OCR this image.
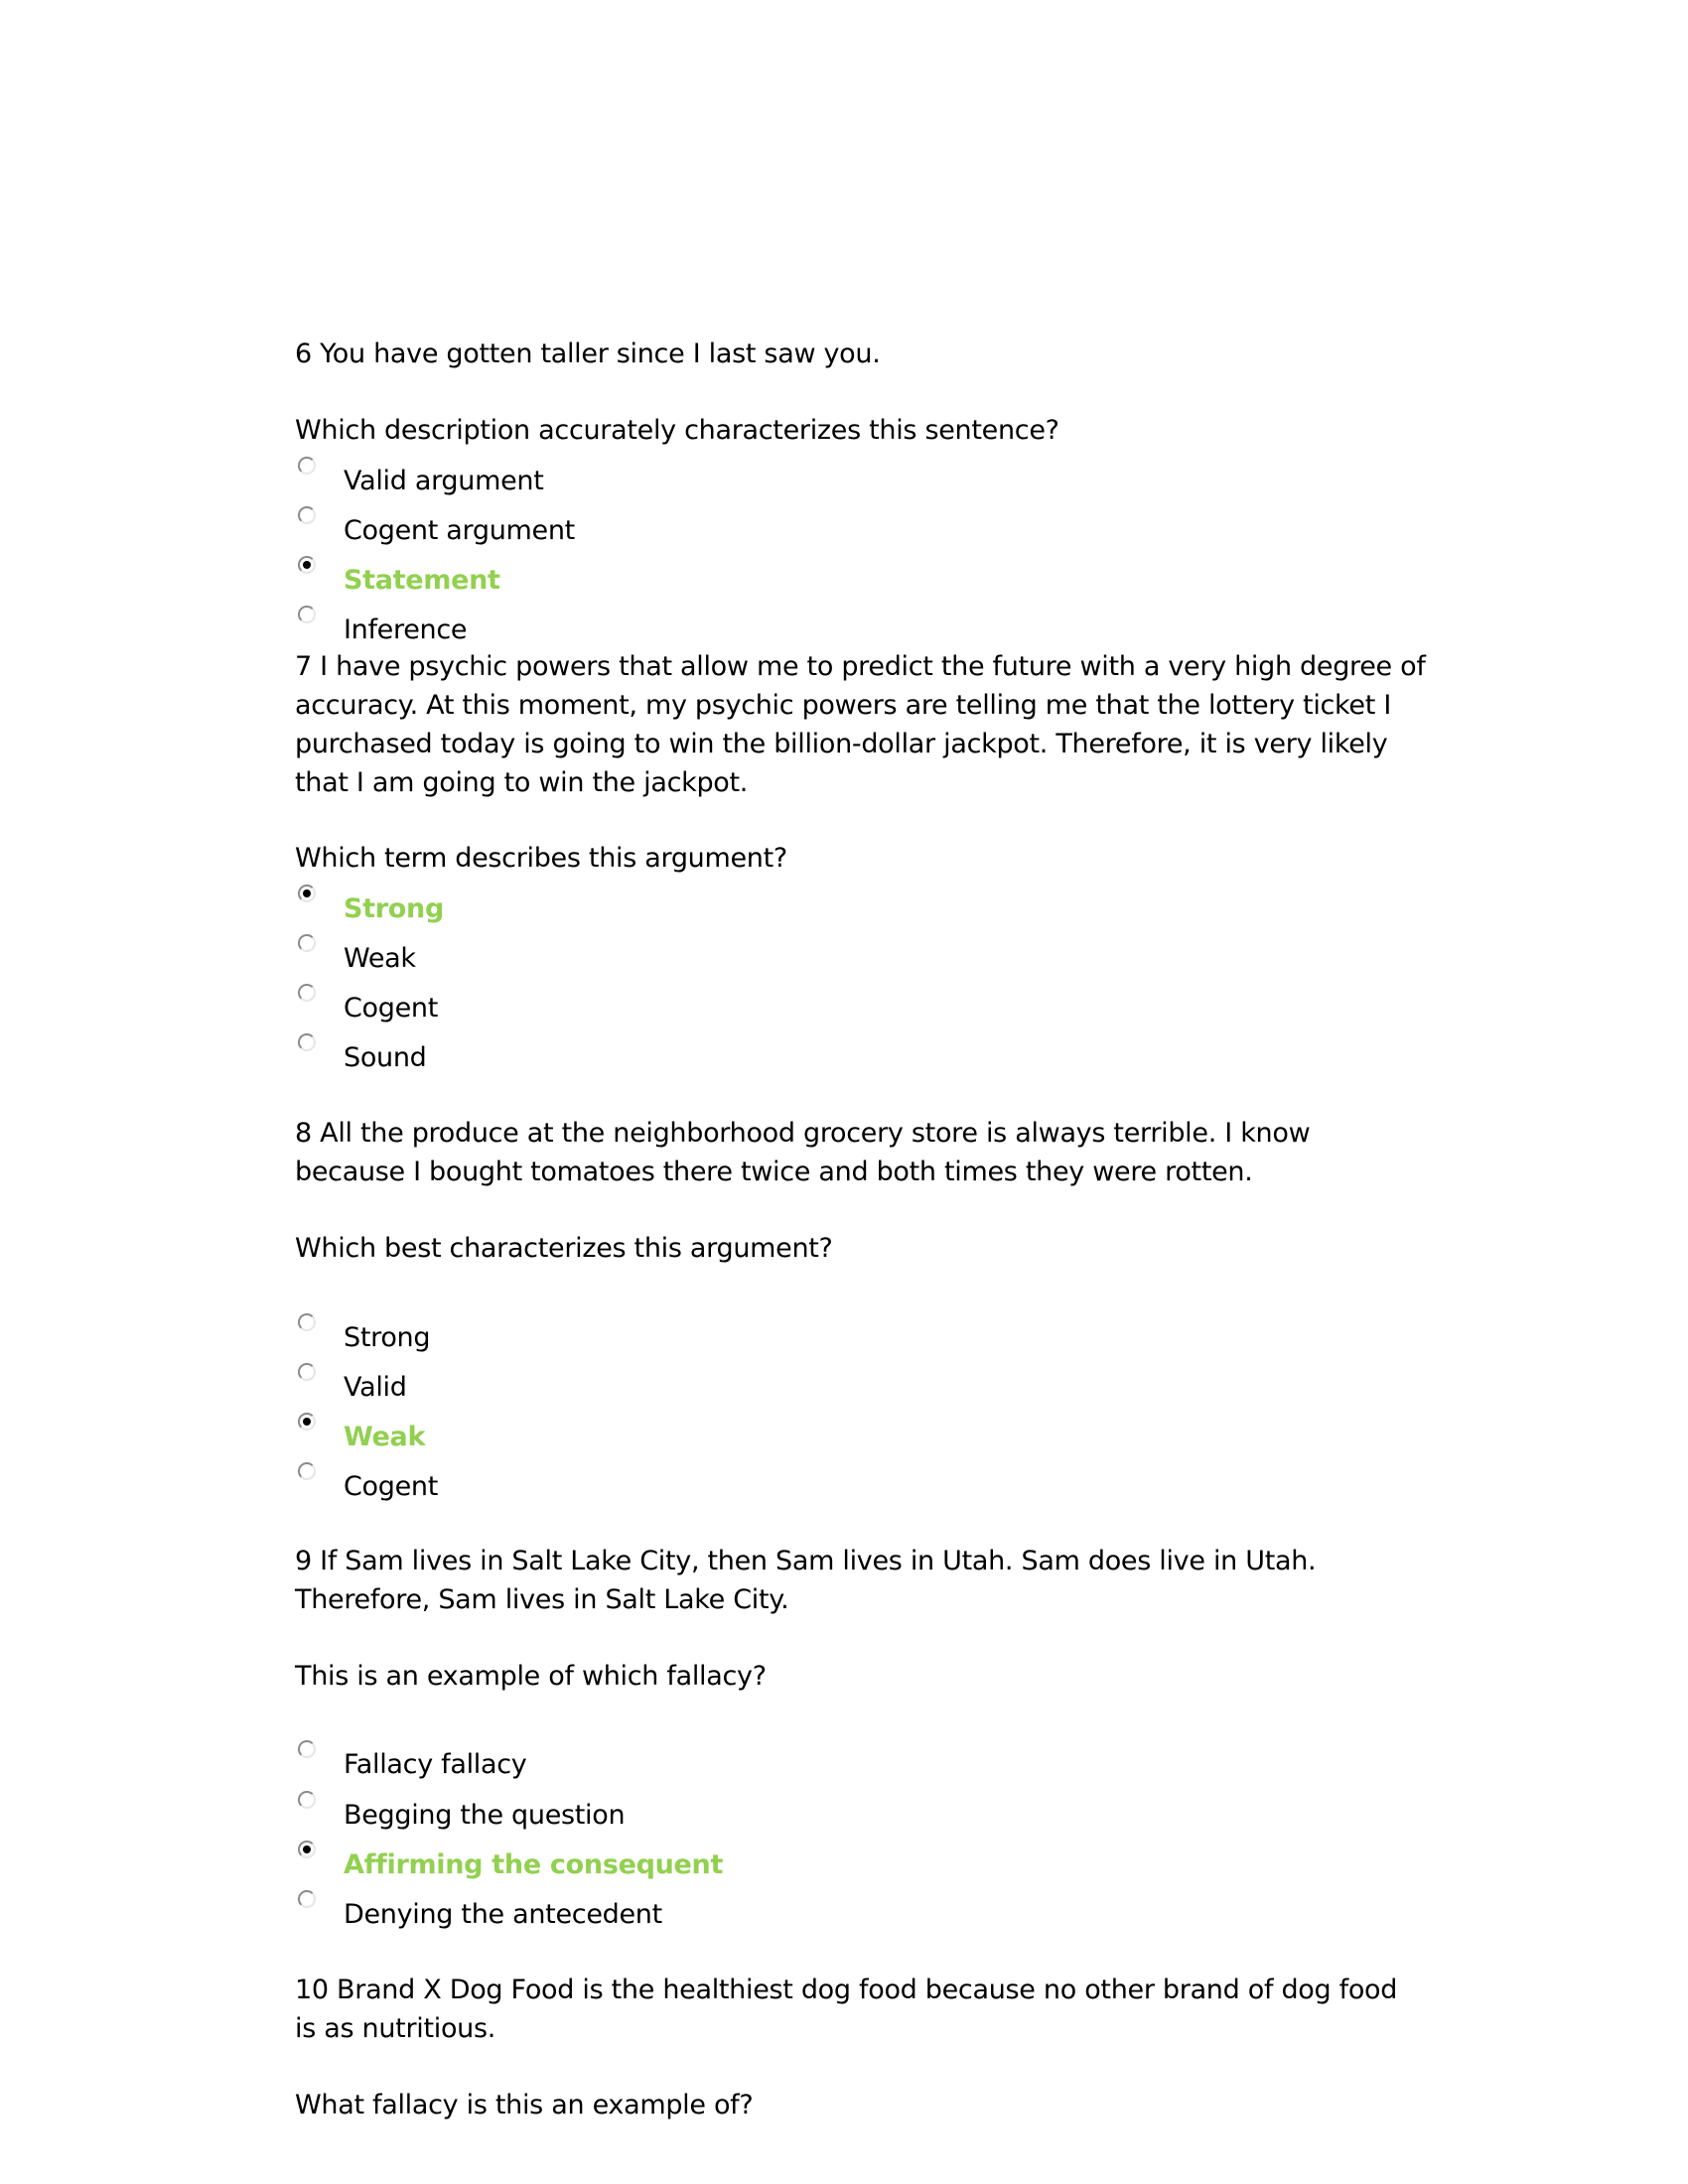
6 You have gotten taller since I last saw you.
Which description accurately characterizes this sentence?
Valid argument
Cogent argument
Statement
Inference
7 I have psychic powers that allow me to predict the future with a very high degree of
accuracy. At this moment, my psychic powers are telling me that the lottery ticket I
purchased today is going to win the billion-dollar jackpot. Therefore, it is very likely
that I am going to win the jackpot.
Which term describes this argument?
Strong
Weak
Cogent
Sound
8 All the produce at the neighborhood grocery store is always terrible. I know
because I bought tomatoes there twice and both times they were rotten.
Which best characterizes this argument?
Strong
Valid
Weak
Cogent
9 If Sam lives in Salt Lake City, then Sam lives in Utah. Sam does live in Utah.
Therefore, Sam lives in Salt Lake City.
This is an example of which fallacy?
Fallacy fallacy
Begging the question
Affirming the consequent
Denying the antecedent
10 Brand X Dog Food is the healthiest dog food because no other brand of dog food
is as nutritious.
What fallacy is this an example of?
